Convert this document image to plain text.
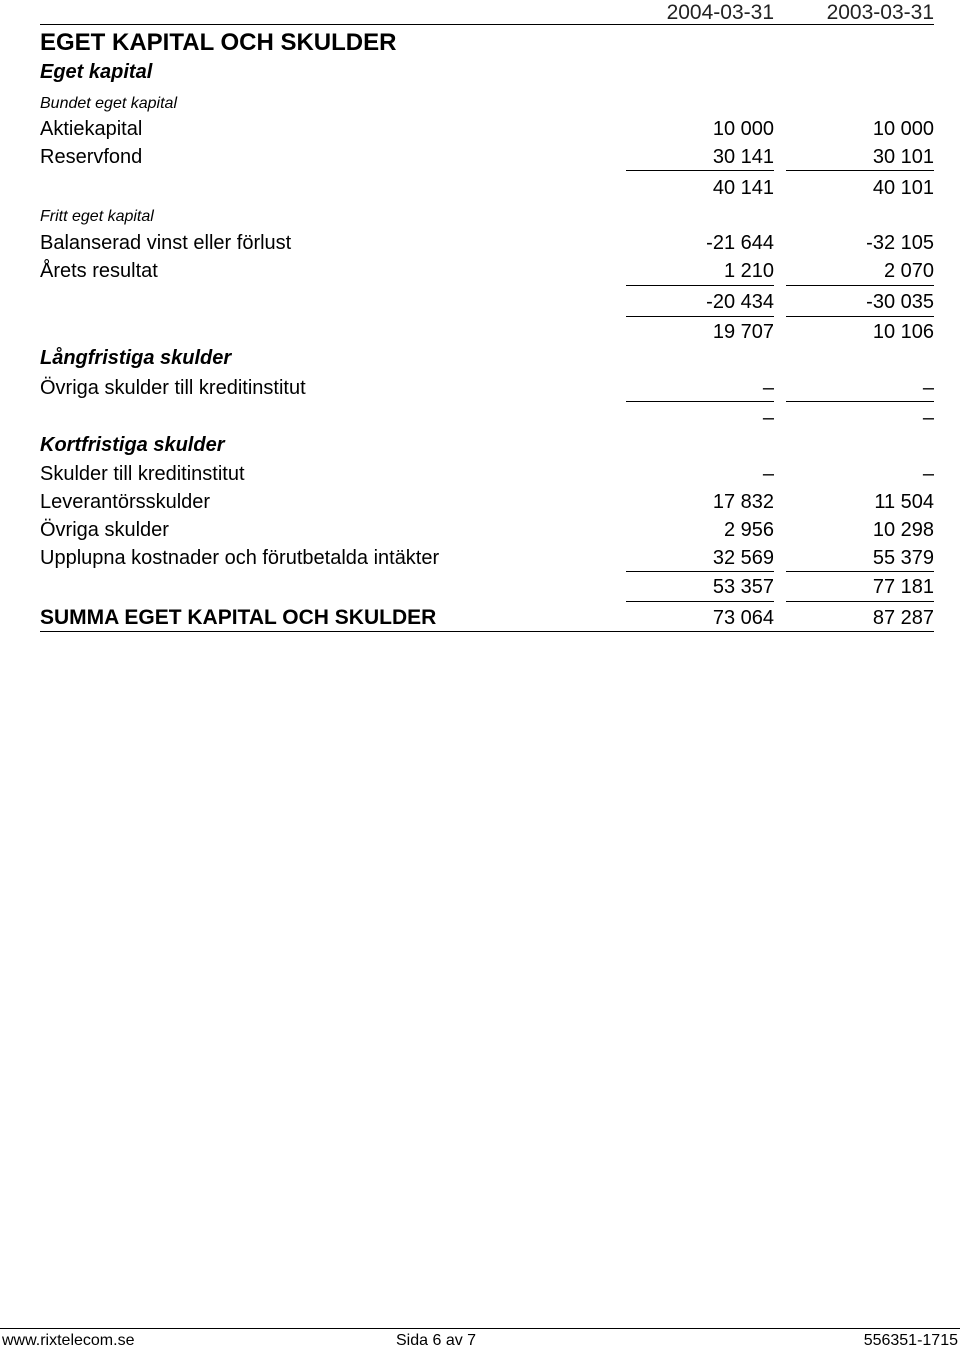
2004-03-31	2003-03-31
EGET KAPITAL OCH SKULDER
Eget kapital
Bundet eget kapital
Aktiekapital	10 000	10 000
Reservfond	30 141	30 101
40 141	40 101
Fritt eget kapital
Balanserad vinst eller förlust	-21 644	-32 105
Årets resultat	1 210	2 070
-20 434	-30 035
19 707	10 106
Långfristiga skulder
Övriga skulder till kreditinstitut	–	–
–	–
Kortfristiga skulder
Skulder till kreditinstitut	–	–
Leverantörsskulder	17 832	11 504
Övriga skulder	2 956	10 298
Upplupna kostnader och förutbetalda intäkter	32 569	55 379
53 357	77 181
SUMMA EGET KAPITAL OCH SKULDER	73 064	87 287
www.rixtelecom.se	Sida 6 av 7	556351-1715
